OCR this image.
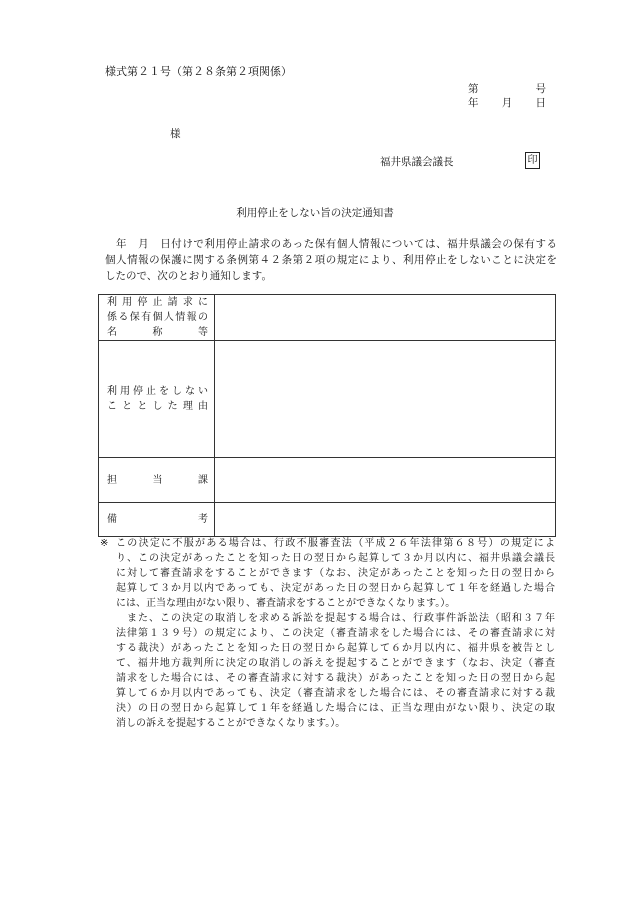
様式第２１号（第２８条第２項関係）
第	号
年 月 日
様
福井県議会議長	印
利用停止をしない旨の決定通知書
　年　月　日付けで利用停止請求のあった保有個人情報については、福井県議会の保有する
個人情報の保護に関する条例第４２条第２項の規定により、利用停止をしないことに決定を
したので、次のとおり通知します。
利用停止請求に
係る保有個人情報の
名　　称　　等	

利用停止をしない
こととした理由	

担　　当　　課	

備　　　　考	

※ この決定に不服がある場合は、行政不服審査法（平成２６年法律第６８号）の規定によ
り、この決定があったことを知った日の翌日から起算して３か月以内に、福井県議会議長
に対して審査請求をすることができます（なお、決定があったことを知った日の翌日から
起算して３か月以内であっても、決定があった日の翌日から起算して１年を経過した場合
には、正当な理由がない限り、審査請求をすることができなくなります。）。
　また、この決定の取消しを求める訴訟を提起する場合は、行政事件訴訟法（昭和３７年
法律第１３９号）の規定により、この決定（審査請求をした場合には、その審査請求に対
する裁決）があったことを知った日の翌日から起算して６か月以内に、福井県を被告とし
て、福井地方裁判所に決定の取消しの訴えを提起することができます（なお、決定（審査
請求をした場合には、その審査請求に対する裁決）があったことを知った日の翌日から起
算して６か月以内であっても、決定（審査請求をした場合には、その審査請求に対する裁
決）の日の翌日から起算して１年を経過した場合には、正当な理由がない限り、決定の取
消しの訴えを提起することができなくなります。）。
